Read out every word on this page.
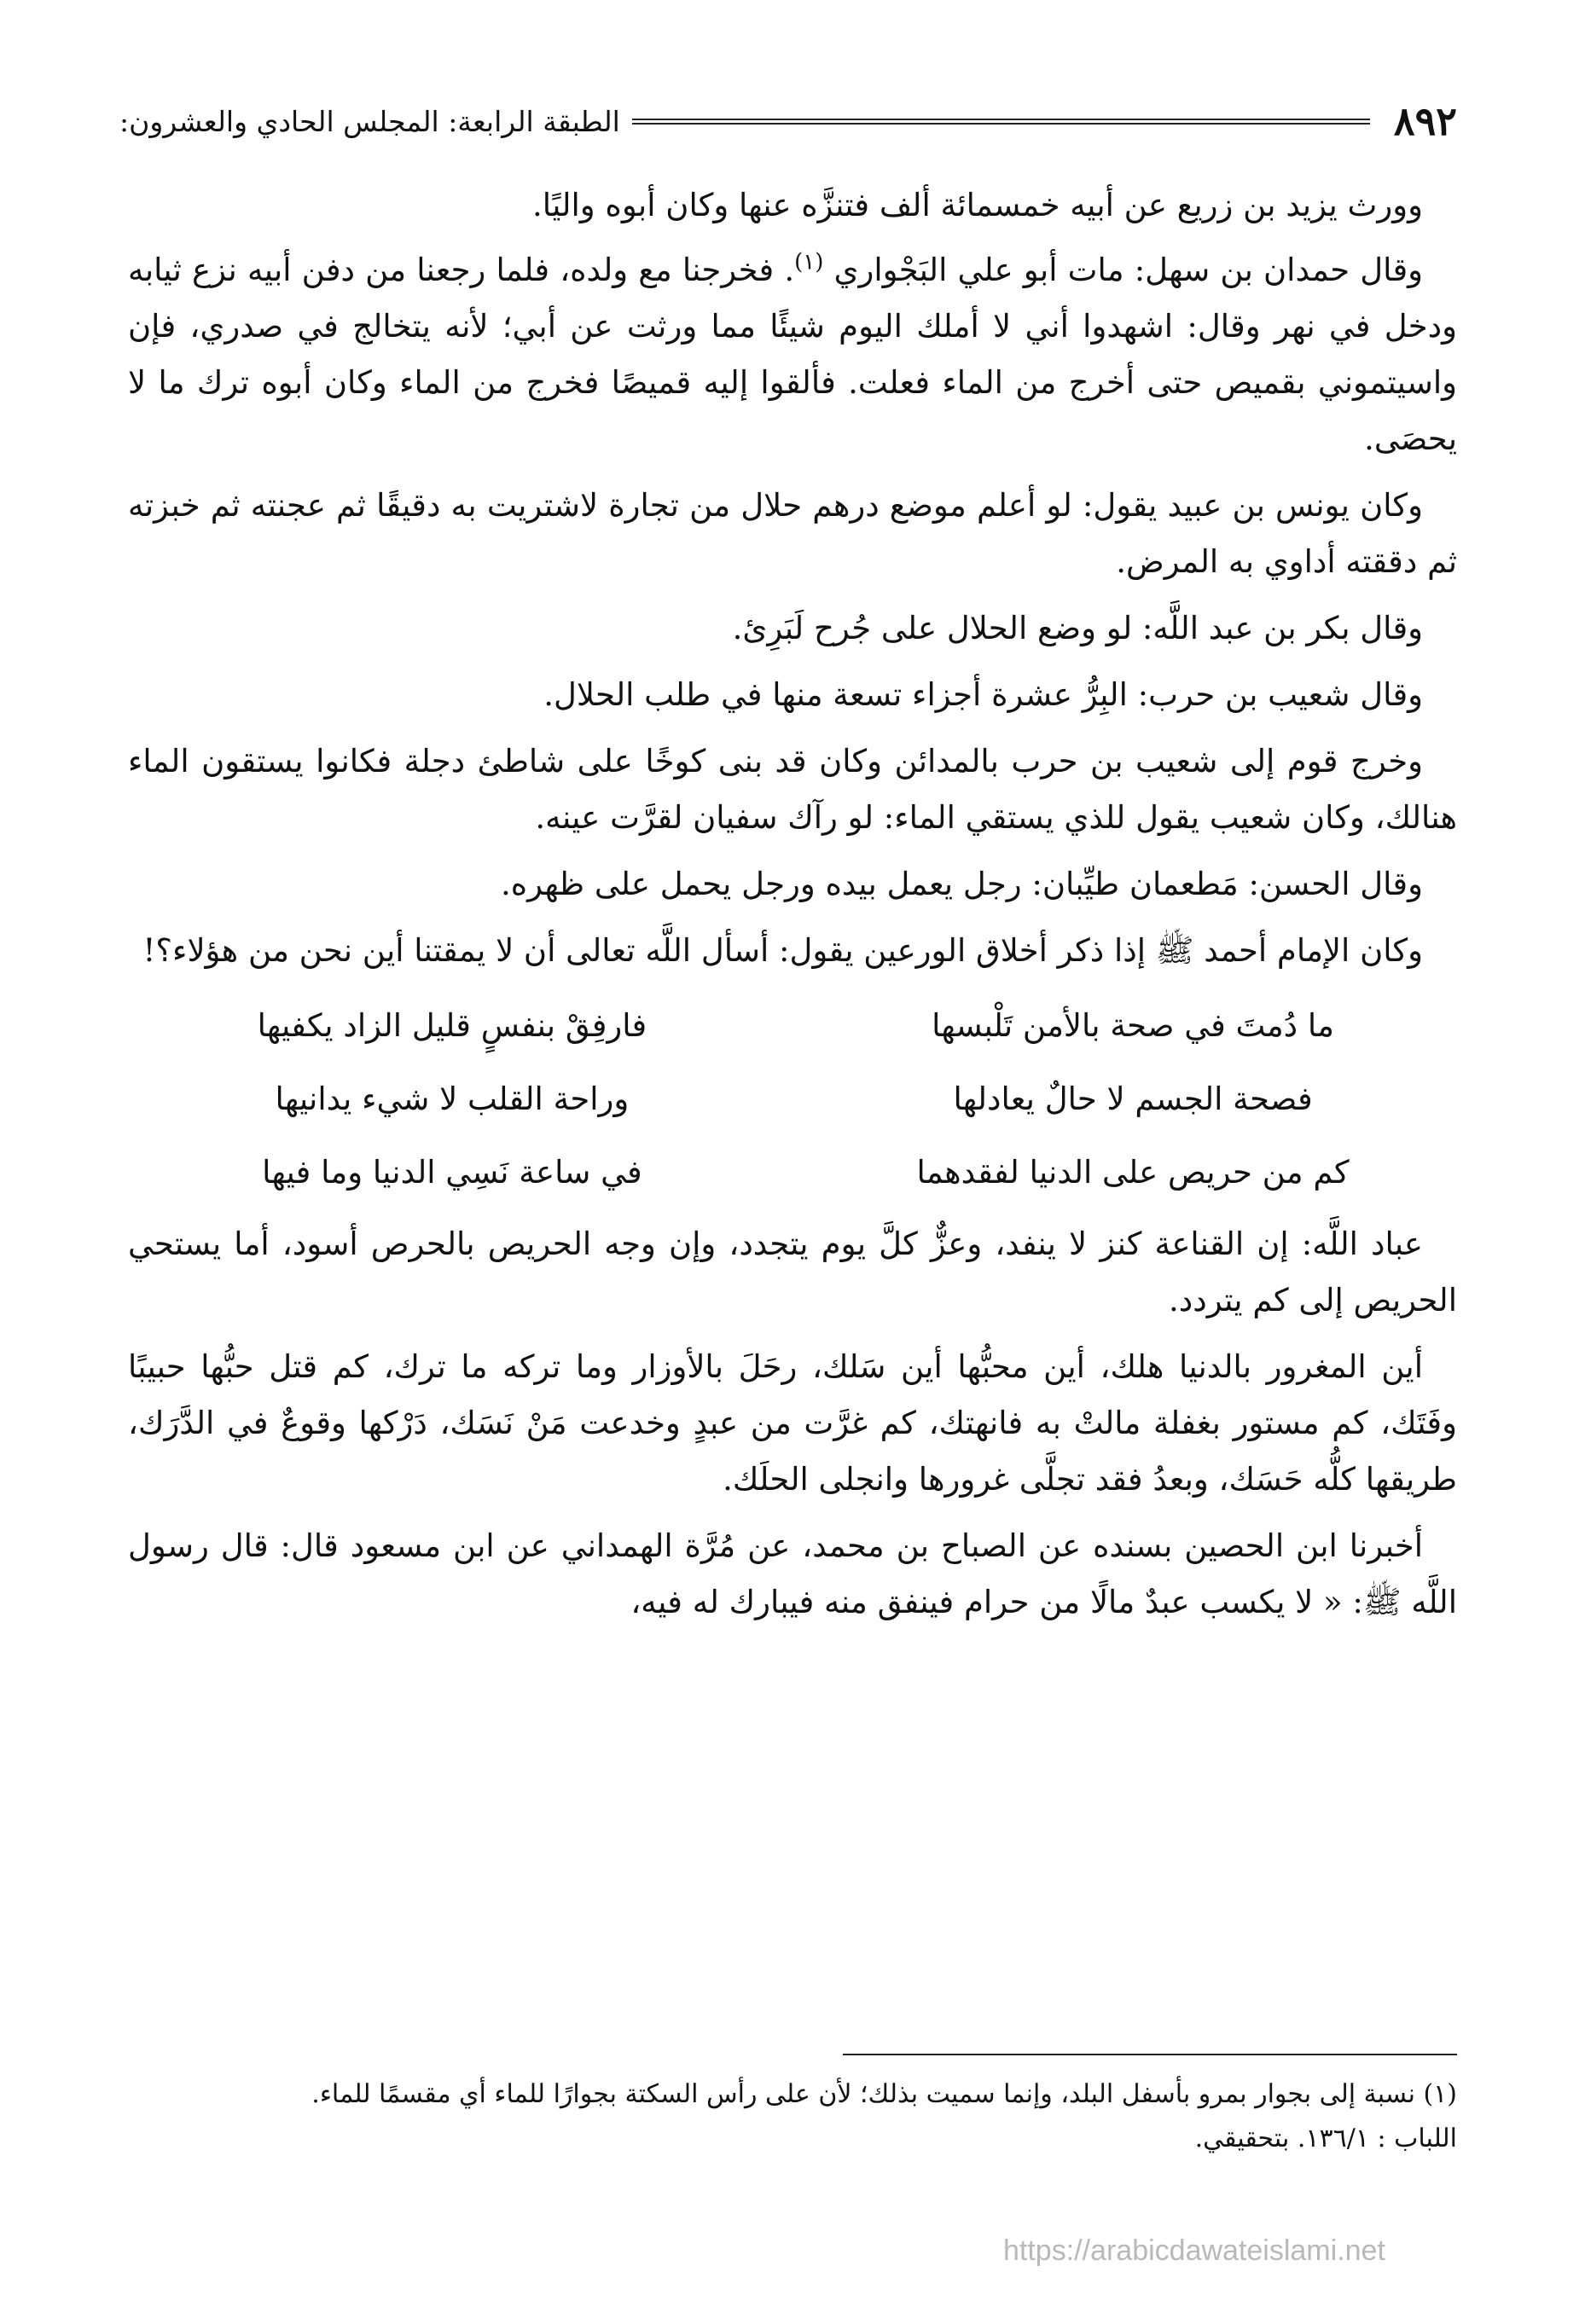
٨٩٢
الطبقة الرابعة: المجلس الحادي والعشرون:

وورث يزيد بن زريع عن أبيه خمسمائة ألف فتنزَّه عنها وكان أبوه واليًا.

وقال حمدان بن سهل: مات أبو علي البَجْواري $^{(١)}$. فخرجنا مع ولده، فلما رجعنا من دفن أبيه نزع ثيابه ودخل في نهر وقال: اشهدوا أني لا أملك اليوم شيئًا مما ورثت عن أبي؛ لأنه يتخالج في صدري، فإن واسيتموني بقميص حتى أخرج من الماء فعلت. فألقوا إليه قميصًا فخرج من الماء وكان أبوه ترك ما لا يحصَى.

وكان يونس بن عبيد يقول: لو أعلم موضع درهم حلال من تجارة لاشتريت به دقيقًا ثم عجنته ثم خبزته ثم دققته أداوي به المرض.

وقال بكر بن عبد اللَّه: لو وضع الحلال على جُرح لَبَرِئ.

وقال شعيب بن حرب: البِرُّ عشرة أجزاء تسعة منها في طلب الحلال.

وخرج قوم إلى شعيب بن حرب بالمدائن وكان قد بنى كوخًا على شاطئ دجلة فكانوا يستقون الماء هنالك، وكان شعيب يقول للذي يستقي الماء: لو رآك سفيان لقرَّت عينه.

وقال الحسن: مَطعمان طيِّبان: رجل يعمل بيده ورجل يحمل على ظهره.

وكان الإمام أحمد ﷺ إذا ذكر أخلاق الورعين يقول: أسأل اللَّه تعالى أن لا يمقتنا أين نحن من هؤلاء؟!

ما دُمتَ في صحة بالأمن تَلْبسها
فارفِقْ بنفسٍ قليل الزاد يكفيها
فصحة الجسم لا حالٌ يعادلها
وراحة القلب لا شيء يدانيها
كم من حريص على الدنيا لفقدهما
في ساعة نَسِي الدنيا وما فيها

عباد اللَّه: إن القناعة كنز لا ينفد، وعزٌّ كلَّ يوم يتجدد، وإن وجه الحريص بالحرص أسود، أما يستحي الحريص إلى كم يتردد.

أين المغرور بالدنيا هلك، أين محبُّها أين سَلك، رحَلَ بالأوزار وما تركه ما ترك، كم قتل حبُّها حبيبًا وفَتَك، كم مستور بغفلة مالتْ به فانهتك، كم غرَّت من عبدٍ وخدعت مَنْ نَسَك، دَرْكها وقوعٌ في الدَّرَك، طريقها كلُّه حَسَك، وبعدُ فقد تجلَّى غرورها وانجلى الحلَك.

أخبرنا ابن الحصين بسنده عن الصباح بن محمد، عن مُرَّة الهمداني عن ابن مسعود قال: قال رسول اللَّه ﷺ: « لا يكسب عبدٌ مالًا من حرام فينفق منه فيبارك له فيه،

(١) نسبة إلى بجوار بمرو بأسفل البلد، وإنما سميت بذلك؛ لأن على رأس السكتة بجوارًا للماء أي مقسمًا للماء.

اللباب : ١٣٦/١. بتحقيقي.

https://arabicdawateislami.net
